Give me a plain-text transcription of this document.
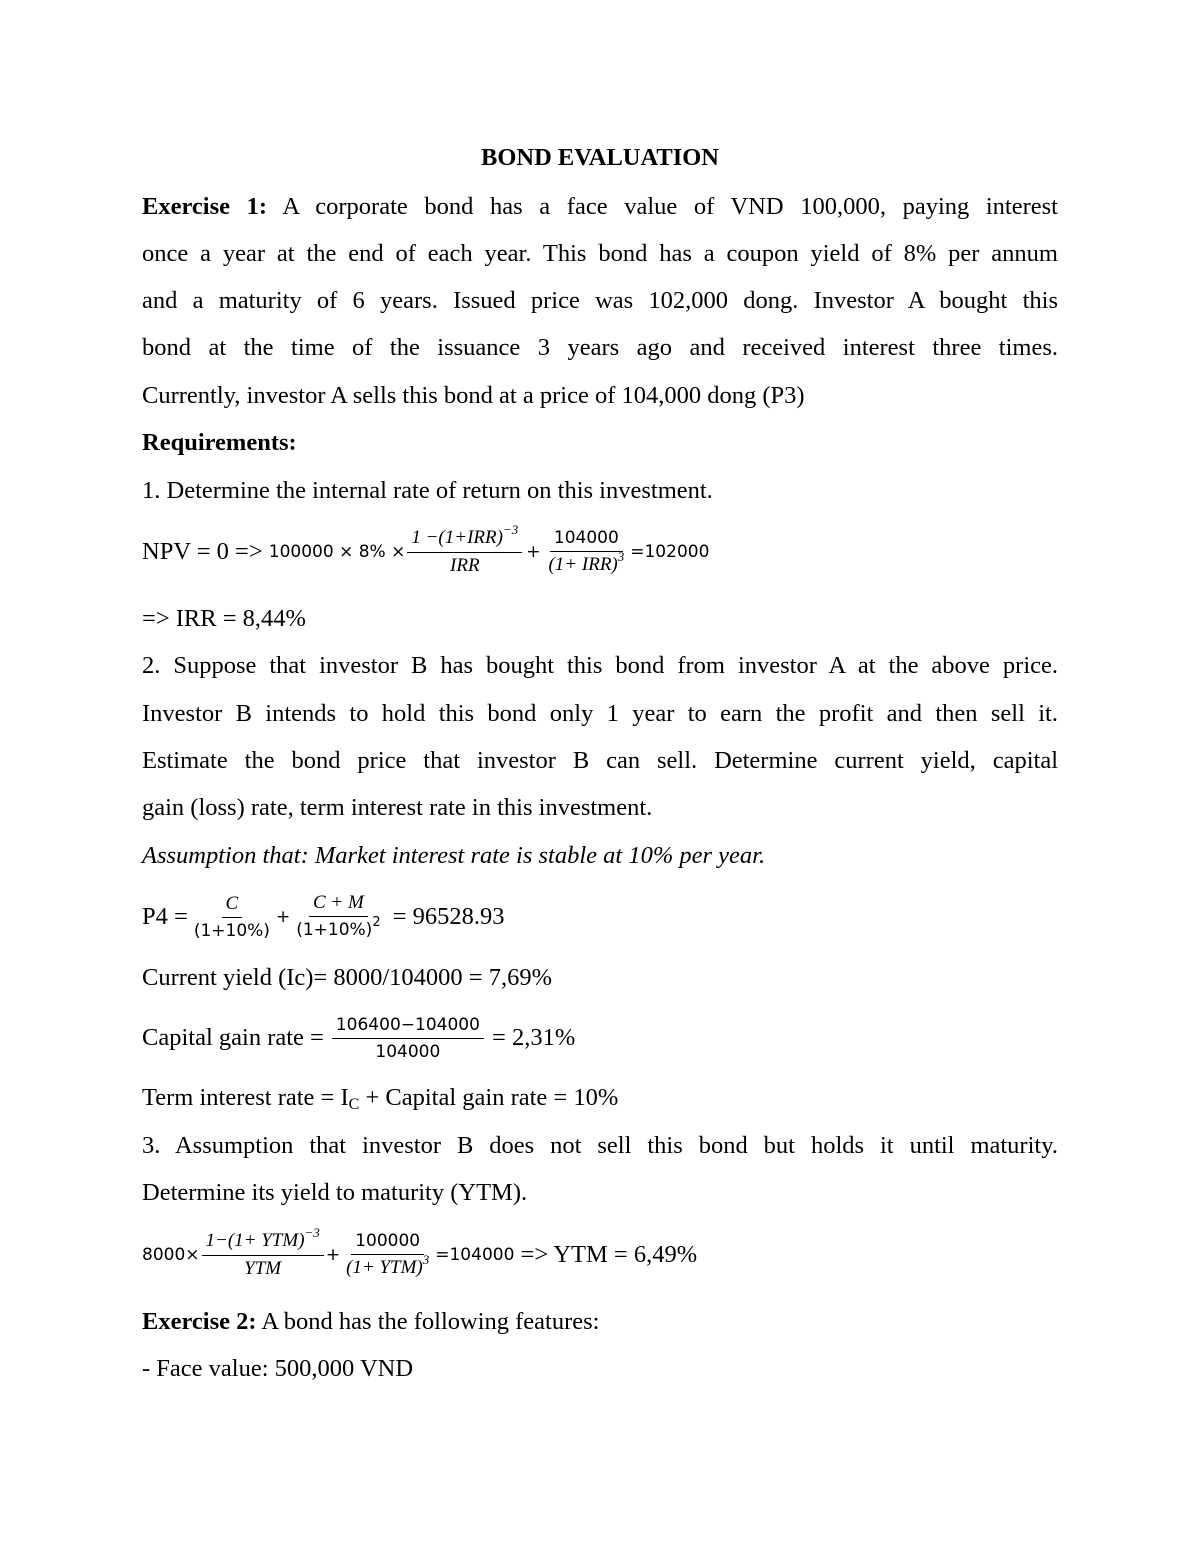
BOND EVALUATION
Exercise 1: A corporate bond has a face value of VND 100,000, paying interest
once a year at the end of each year. This bond has a coupon yield of 8% per annum
and a maturity of 6 years. Issued price was 102,000 dong. Investor A bought this
bond at the time of the issuance 3 years ago and received interest three times.
Currently, investor A sells this bond at a price of 104,000 dong (P3)
Requirements:
1. Determine the internal rate of return on this investment.
NPV = 0 =>
$100000 \times 8\% \times \frac{1 -(1+IRR)^{-3}}{\text{IRR}} + \frac{104000}{(1+ IRR)^3} =102000$
=> IRR = 8,44%
2. Suppose that investor B has bought this bond from investor A at the above price.
Investor B intends to hold this bond only 1 year to earn the profit and then sell it.
Estimate the bond price that investor B can sell. Determine current yield, capital
gain (loss) rate, term interest rate in this investment.
Assumption that: Market interest rate is stable at 10% per year.
$P4 = \frac{C}{(1+10\%)} + \frac{C + M}{(1+10\%)^2}$
= 96528.93
Current yield (Ic)= 8000/104000 = 7,69%
Capital gain rate = $\frac{106400-104000}{104000}$
= 2,31%
Term interest rate = IC + Capital gain rate = 10%
3. Assumption that investor B does not sell this bond but holds it until maturity.
Determine its yield to maturity (YTM).
$8000\times \frac{1-(1+ YTM)^{-3}}{\text{YTM}} + \frac{100000}{(1+ YTM)^3} =104000$
=> YTM = 6,49%
Exercise 2: A bond has the following features:
- Face value: 500,000 VND
